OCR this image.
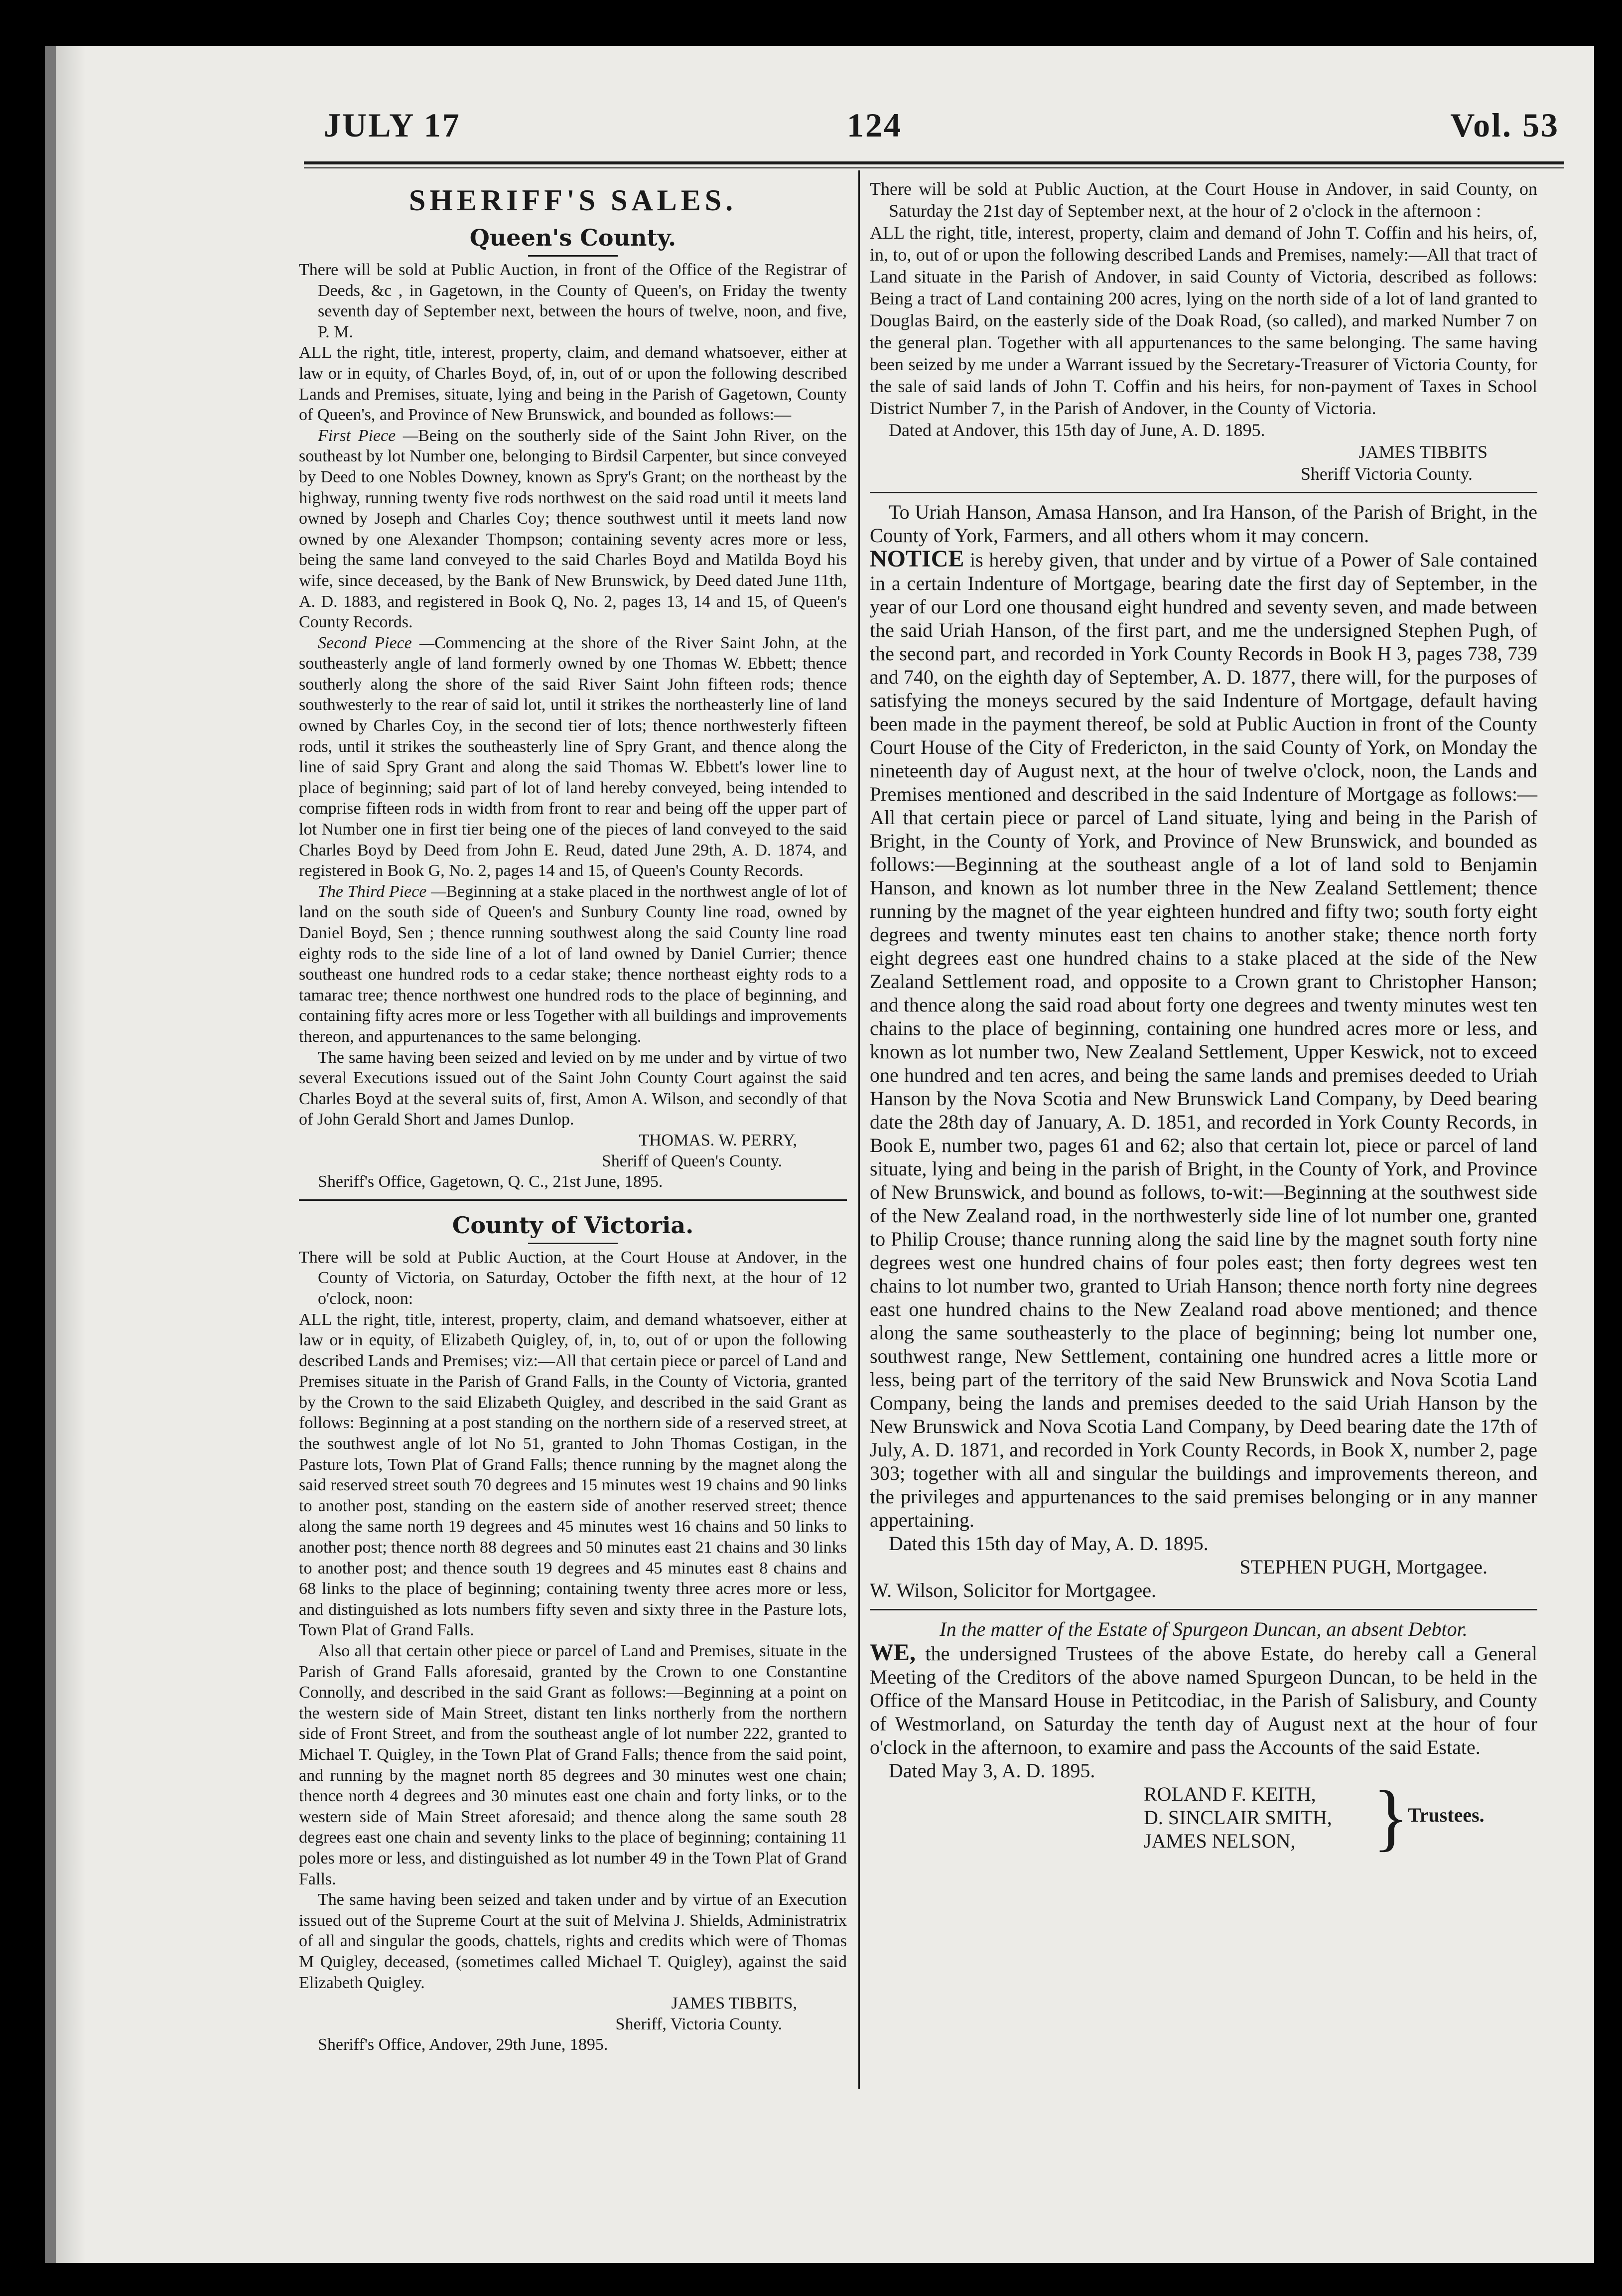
JULY 17	124	Vol. 53
SHERIFF'S SALES.
Queen's County.

There will be sold at Public Auction, in front of the Office of the Registrar of Deeds, &c , in Gagetown, in the County of Queen's, on Friday the twenty seventh day of September next, between the hours of twelve, noon, and five, P. M.

ALL the right, title, interest, property, claim, and demand whatsoever, either at law or in equity, of Charles Boyd, of, in, out of or upon the following described Lands and Premises, situate, lying and being in the Parish of Gagetown, County of Queen's, and Province of New Brunswick, and bounded as follows:—

First Piece —Being on the southerly side of the Saint John River, on the southeast by lot Number one, belonging to Birdsil Carpenter, but since conveyed by Deed to one Nobles Downey, known as Spry's Grant; on the northeast by the highway, running twenty five rods northwest on the said road until it meets land owned by Joseph and Charles Coy; thence southwest until it meets land now owned by one Alexander Thompson; containing seventy acres more or less, being the same land conveyed to the said Charles Boyd and Matilda Boyd his wife, since deceased, by the Bank of New Brunswick, by Deed dated June 11th, A. D. 1883, and registered in Book Q, No. 2, pages 13, 14 and 15, of Queen's County Records.

Second Piece —Commencing at the shore of the River Saint John, at the southeasterly angle of land formerly owned by one Thomas W. Ebbett; thence southerly along the shore of the said River Saint John fifteen rods; thence southwesterly to the rear of said lot, until it strikes the northeasterly line of land owned by Charles Coy, in the second tier of lots; thence northwesterly fifteen rods, until it strikes the southeasterly line of Spry Grant, and thence along the line of said Spry Grant and along the said Thomas W. Ebbett's lower line to place of beginning; said part of lot of land hereby conveyed, being intended to comprise fifteen rods in width from front to rear and being off the upper part of lot Number one in first tier being one of the pieces of land conveyed to the said Charles Boyd by Deed from John E. Reud, dated June 29th, A. D. 1874, and registered in Book G, No. 2, pages 14 and 15, of Queen's County Records.

The Third Piece —Beginning at a stake placed in the northwest angle of lot of land on the south side of Queen's and Sunbury County line road, owned by Daniel Boyd, Sen ; thence running southwest along the said County line road eighty rods to the side line of a lot of land owned by Daniel Currier; thence southeast one hundred rods to a cedar stake; thence northeast eighty rods to a tamarac tree; thence northwest one hundred rods to the place of beginning, and containing fifty acres more or less Together with all buildings and improvements thereon, and appurtenances to the same belonging.

The same having been seized and levied on by me under and by virtue of two several Executions issued out of the Saint John County Court against the said Charles Boyd at the several suits of, first, Amon A. Wilson, and secondly of that of John Gerald Short and James Dunlop.

THOMAS. W. PERRY,

Sheriff of Queen's County.

Sheriff's Office, Gagetown, Q. C., 21st June, 1895.

County of Victoria.

There will be sold at Public Auction, at the Court House at Andover, in the County of Victoria, on Saturday, October the fifth next, at the hour of 12 o'clock, noon:

ALL the right, title, interest, property, claim, and demand whatsoever, either at law or in equity, of Elizabeth Quigley, of, in, to, out of or upon the following described Lands and Premises; viz:—All that certain piece or parcel of Land and Premises situate in the Parish of Grand Falls, in the County of Victoria, granted by the Crown to the said Elizabeth Quigley, and described in the said Grant as follows: Beginning at a post standing on the northern side of a reserved street, at the southwest angle of lot No 51, granted to John Thomas Costigan, in the Pasture lots, Town Plat of Grand Falls; thence running by the magnet along the said reserved street south 70 degrees and 15 minutes west 19 chains and 90 links to another post, standing on the eastern side of another reserved street; thence along the same north 19 degrees and 45 minutes west 16 chains and 50 links to another post; thence north 88 degrees and 50 minutes east 21 chains and 30 links to another post; and thence south 19 degrees and 45 minutes east 8 chains and 68 links to the place of beginning; containing twenty three acres more or less, and distinguished as lots numbers fifty seven and sixty three in the Pasture lots, Town Plat of Grand Falls.

Also all that certain other piece or parcel of Land and Premises, situate in the Parish of Grand Falls aforesaid, granted by the Crown to one Constantine Connolly, and described in the said Grant as follows:—Beginning at a point on the western side of Main Street, distant ten links northerly from the northern side of Front Street, and from the southeast angle of lot number 222, granted to Michael T. Quigley, in the Town Plat of Grand Falls; thence from the said point, and running by the magnet north 85 degrees and 30 minutes west one chain; thence north 4 degrees and 30 minutes east one chain and forty links, or to the western side of Main Street aforesaid; and thence along the same south 28 degrees east one chain and seventy links to the place of beginning; containing 11 poles more or less, and distinguished as lot number 49 in the Town Plat of Grand Falls.

The same having been seized and taken under and by virtue of an Execution issued out of the Supreme Court at the suit of Melvina J. Shields, Administratrix of all and singular the goods, chattels, rights and credits which were of Thomas M Quigley, deceased, (sometimes called Michael T. Quigley), against the said Elizabeth Quigley.

JAMES TIBBITS,

Sheriff, Victoria County.

Sheriff's Office, Andover, 29th June, 1895.

There will be sold at Public Auction, at the Court House in Andover, in said County, on Saturday the 21st day of September next, at the hour of 2 o'clock in the afternoon :

ALL the right, title, interest, property, claim and demand of John T. Coffin and his heirs, of, in, to, out of or upon the following described Lands and Premises, namely:—All that tract of Land situate in the Parish of Andover, in said County of Victoria, described as follows: Being a tract of Land containing 200 acres, lying on the north side of a lot of land granted to Douglas Baird, on the easterly side of the Doak Road, (so called), and marked Number 7 on the general plan. Together with all appurtenances to the same belonging. The same having been seized by me under a Warrant issued by the Secretary-Treasurer of Victoria County, for the sale of said lands of John T. Coffin and his heirs, for non-payment of Taxes in School District Number 7, in the Parish of Andover, in the County of Victoria.

Dated at Andover, this 15th day of June, A. D. 1895.

JAMES TIBBITS

Sheriff Victoria County.

To Uriah Hanson, Amasa Hanson, and Ira Hanson, of the Parish of Bright, in the County of York, Farmers, and all others whom it may concern.

NOTICE is hereby given, that under and by virtue of a Power of Sale contained in a certain Indenture of Mortgage, bearing date the first day of September, in the year of our Lord one thousand eight hundred and seventy seven, and made between the said Uriah Hanson, of the first part, and me the undersigned Stephen Pugh, of the second part, and recorded in York County Records in Book H 3, pages 738, 739 and 740, on the eighth day of September, A. D. 1877, there will, for the purposes of satisfying the moneys secured by the said Indenture of Mortgage, default having been made in the payment thereof, be sold at Public Auction in front of the County Court House of the City of Fredericton, in the said County of York, on Monday the nineteenth day of August next, at the hour of twelve o'clock, noon, the Lands and Premises mentioned and described in the said Indenture of Mortgage as follows:—All that certain piece or parcel of Land situate, lying and being in the Parish of Bright, in the County of York, and Province of New Brunswick, and bounded as follows:—Beginning at the southeast angle of a lot of land sold to Benjamin Hanson, and known as lot number three in the New Zealand Settlement; thence running by the magnet of the year eighteen hundred and fifty two; south forty eight degrees and twenty minutes east ten chains to another stake; thence north forty eight degrees east one hundred chains to a stake placed at the side of the New Zealand Settlement road, and opposite to a Crown grant to Christopher Hanson; and thence along the said road about forty one degrees and twenty minutes west ten chains to the place of beginning, containing one hundred acres more or less, and known as lot number two, New Zealand Settlement, Upper Keswick, not to exceed one hundred and ten acres, and being the same lands and premises deeded to Uriah Hanson by the Nova Scotia and New Brunswick Land Company, by Deed bearing date the 28th day of January, A. D. 1851, and recorded in York County Records, in Book E, number two, pages 61 and 62; also that certain lot, piece or parcel of land situate, lying and being in the parish of Bright, in the County of York, and Province of New Brunswick, and bound as follows, to-wit:—Beginning at the southwest side of the New Zealand road, in the northwesterly side line of lot number one, granted to Philip Crouse; thance running along the said line by the magnet south forty nine degrees west one hundred chains of four poles east; then forty degrees west ten chains to lot number two, granted to Uriah Hanson; thence north forty nine degrees east one hundred chains to the New Zealand road above mentioned; and thence along the same southeasterly to the place of beginning; being lot number one, southwest range, New Settlement, containing one hundred acres a little more or less, being part of the territory of the said New Brunswick and Nova Scotia Land Company, being the lands and premises deeded to the said Uriah Hanson by the New Brunswick and Nova Scotia Land Company, by Deed bearing date the 17th of July, A. D. 1871, and recorded in York County Records, in Book X, number 2, page 303; together with all and singular the buildings and improvements thereon, and the privileges and appurtenances to the said premises belonging or in any manner appertaining.

Dated this 15th day of May, A. D. 1895.

STEPHEN PUGH, Mortgagee.

W. Wilson, Solicitor for Mortgagee.

In the matter of the Estate of Spurgeon Duncan, an absent Debtor.

WE, the undersigned Trustees of the above Estate, do hereby call a General Meeting of the Creditors of the above named Spurgeon Duncan, to be held in the Office of the Mansard House in Petitcodiac, in the Parish of Salisbury, and County of Westmorland, on Saturday the tenth day of August next at the hour of four o'clock in the afternoon, to examire and pass the Accounts of the said Estate.

Dated May 3, A. D. 1895.

ROLAND F. KEITH,

D. SINCLAIR SMITH,

JAMES NELSON,	}
Trustees.
